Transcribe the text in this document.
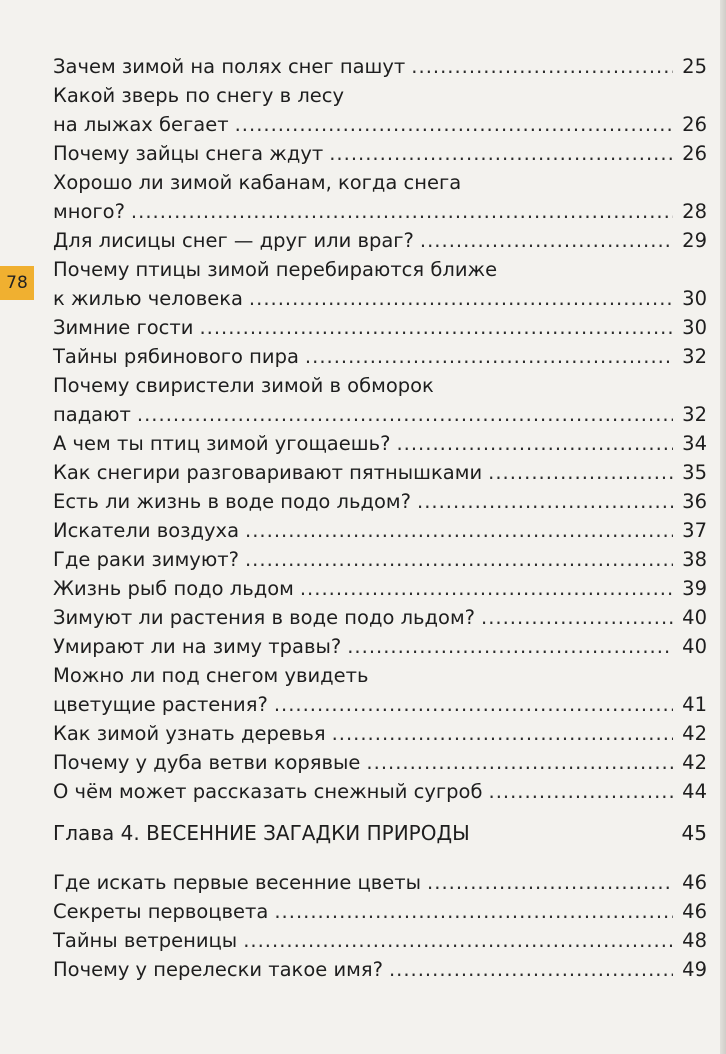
78
Зачем зимой на полях снег пашут .....	25
Какой зверь по снегу в лесу
на лыжах бегает .....	26
Почему зайцы снега ждут .....	26
Хорошо ли зимой кабанам, когда снега
много? .....	28
Для лисицы снег — друг или враг? .....	29
Почему птицы зимой перебираются ближе
к жилью человека .....	30
Зимние гости .....	30
Тайны рябинового пира .....	32
Почему свиристели зимой в обморок
падают .....	32
А чем ты птиц зимой угощаешь? .....	34
Как снегири разговаривают пятнышками .....	35
Есть ли жизнь в воде подо льдом? .....	36
Искатели воздуха .....	37
Где раки зимуют? .....	38
Жизнь рыб подо льдом .....	39
Зимуют ли растения в воде подо льдом? .....	40
Умирают ли на зиму травы? .....	40
Можно ли под снегом увидеть
цветущие растения? .....	41
Как зимой узнать деревья .....	42
Почему у дуба ветви корявые .....	42
О чём может рассказать снежный сугроб .....	44
Глава 4. ВЕСЕННИЕ ЗАГАДКИ ПРИРОДЫ	45
Где искать первые весенние цветы .....	46
Секреты первоцвета .....	46
Тайны ветреницы .....	48
Почему у перелески такое имя? .....	49
